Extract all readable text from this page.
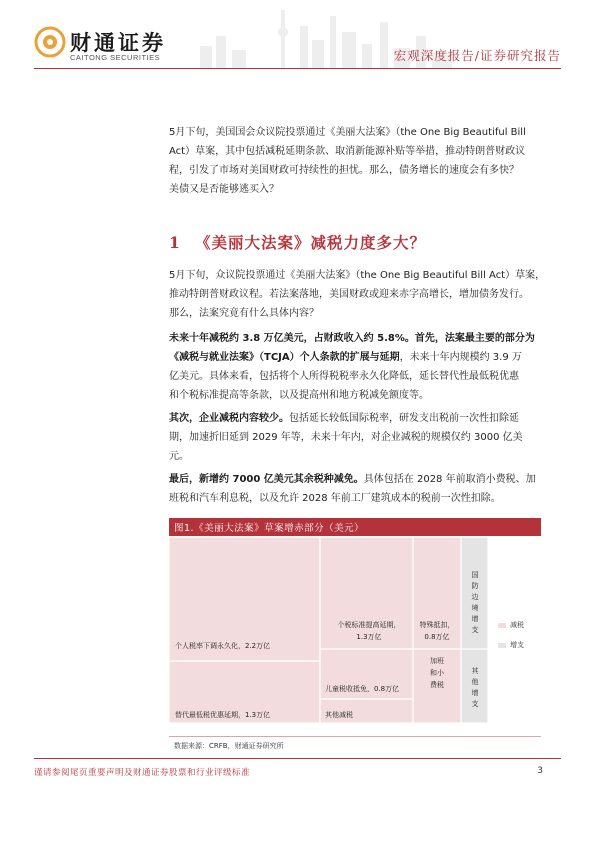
财通证券
CAITONG SECURITIES	宏观深度报告/证券研究报告
5月下旬，美国国会众议院投票通过《美丽大法案》（the One Big Beautiful Bill
Act）草案，其中包括减税延期条款、取消新能源补贴等举措，推动特朗普财政议
程，引发了市场对美国财政可持续性的担忧。那么，债务增长的速度会有多快？
美债又是否能够逃买入？
1 《美丽大法案》减税力度多大？
5月下旬，众议院投票通过《美丽大法案》（the One Big Beautiful Bill Act）草案，
推动特朗普财政议程。若法案落地，美国财政或迎来赤字高增长，增加债务发行。
那么，法案究竟有什么具体内容？
未来十年减税约 3.8 万亿美元，占财政收入约 5.8%。首先，法案最主要的部分为
《减税与就业法案》（TCJA）个人条款的扩展与延期，未来十年内规模约 3.9 万
亿美元。具体来看，包括将个人所得税税率永久化降低，延长替代性最低税优惠
和个税标准提高等条款，以及提高州和地方税减免额度等。
其次，企业减税内容较少。包括延长较低国际税率，研发支出税前一次性扣除延
期，加速折旧延到 2029 年等，未来十年内，对企业减税的规模仅约 3000 亿美
元。
最后，新增约 7000 亿美元其余税种减免。具体包括在 2028 年前取消小费税、加
班税和汽车利息税，以及允许 2028 年前工厂建筑成本的税前一次性扣除。
图1.《美丽大法案》草案增赤部分（美元）
个人税率下调永久化，2.2万亿
替代最低税优惠延期，1.3万亿
个税标准提高延期， 1.3万亿
特殊抵扣， 0.8万亿
儿童税收抵免，0.8万亿
其他减税
加班和小费税
国防边境增支
其他增支
减税
增支
数据来源：CRFB，财通证券研究所
谨请参阅尾页重要声明及财通证券股票和行业评级标准	3
